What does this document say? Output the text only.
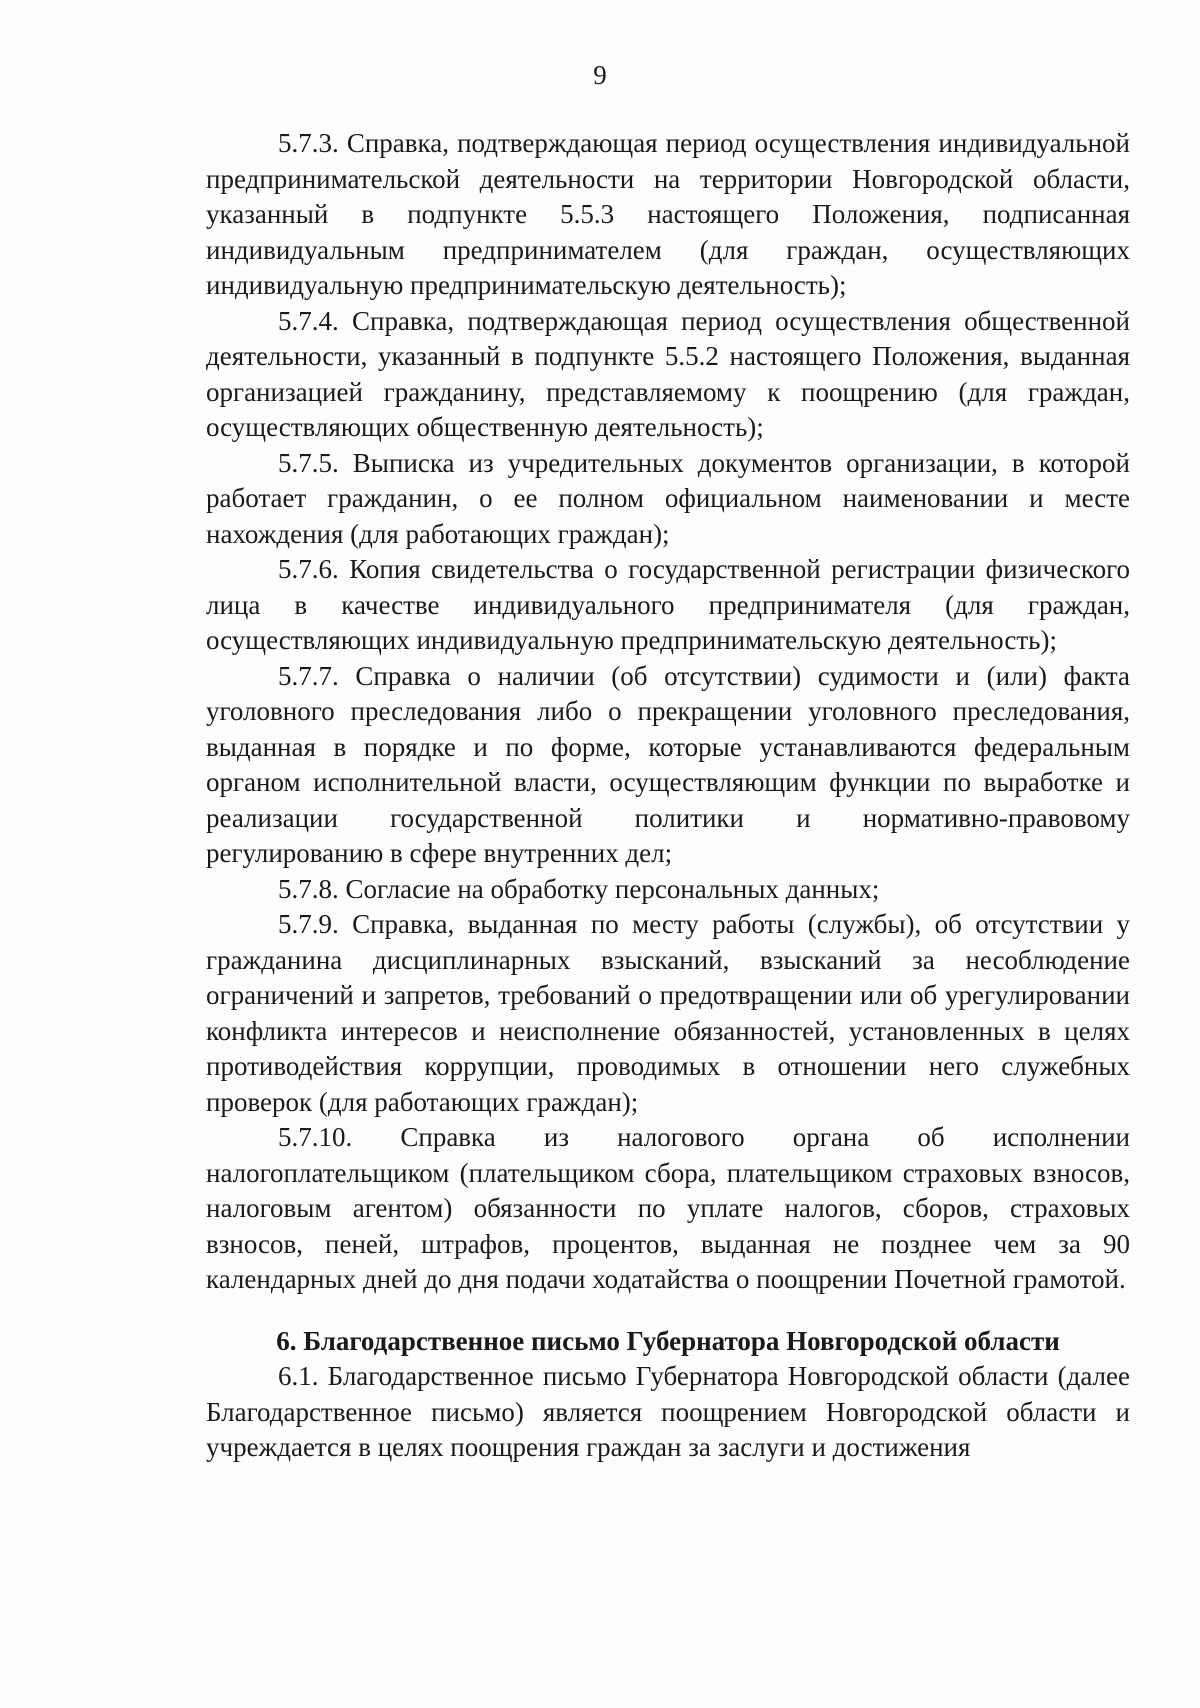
9

5.7.3. Справка, подтверждающая период осуществления индивидуальной предпринимательской деятельности на территории Новгородской области, указанный в подпункте 5.5.3 настоящего Положения, подписанная индивидуальным предпринимателем (для граждан, осуществляющих индивидуальную предпринимательскую деятельность);

5.7.4. Справка, подтверждающая период осуществления общественной деятельности, указанный в подпункте 5.5.2 настоящего Положения, выданная организацией гражданину, представляемому к поощрению (для граждан, осуществляющих общественную деятельность);

5.7.5. Выписка из учредительных документов организации, в которой работает гражданин, о ее полном официальном наименовании и месте нахождения (для работающих граждан);

5.7.6. Копия свидетельства о государственной регистрации физического лица в качестве индивидуального предпринимателя (для граждан, осуществляющих индивидуальную предпринимательскую деятельность);

5.7.7. Справка о наличии (об отсутствии) судимости и (или) факта уголовного преследования либо о прекращении уголовного преследования, выданная в порядке и по форме, которые устанавливаются федеральным органом исполнительной власти, осуществляющим функции по выработке и реализации государственной политики и нормативно-правовому регулированию в сфере внутренних дел;

5.7.8. Согласие на обработку персональных данных;

5.7.9. Справка, выданная по месту работы (службы), об отсутствии у гражданина дисциплинарных взысканий, взысканий за несоблюдение ограничений и запретов, требований о предотвращении или об урегулировании конфликта интересов и неисполнение обязанностей, установленных в целях противодействия коррупции, проводимых в отношении него служебных проверок (для работающих граждан);

5.7.10. Справка из налогового органа об исполнении налогоплательщиком (плательщиком сбора, плательщиком страховых взносов, налоговым агентом) обязанности по уплате налогов, сборов, страховых взносов, пеней, штрафов, процентов, выданная не позднее чем за 90 календарных дней до дня подачи ходатайства о поощрении Почетной грамотой.

6. Благодарственное письмо Губернатора Новгородской области

6.1. Благодарственное письмо Губернатора Новгородской области (далее Благодарственное письмо) является поощрением Новгородской области и учреждается в целях поощрения граждан за заслуги и достижения
